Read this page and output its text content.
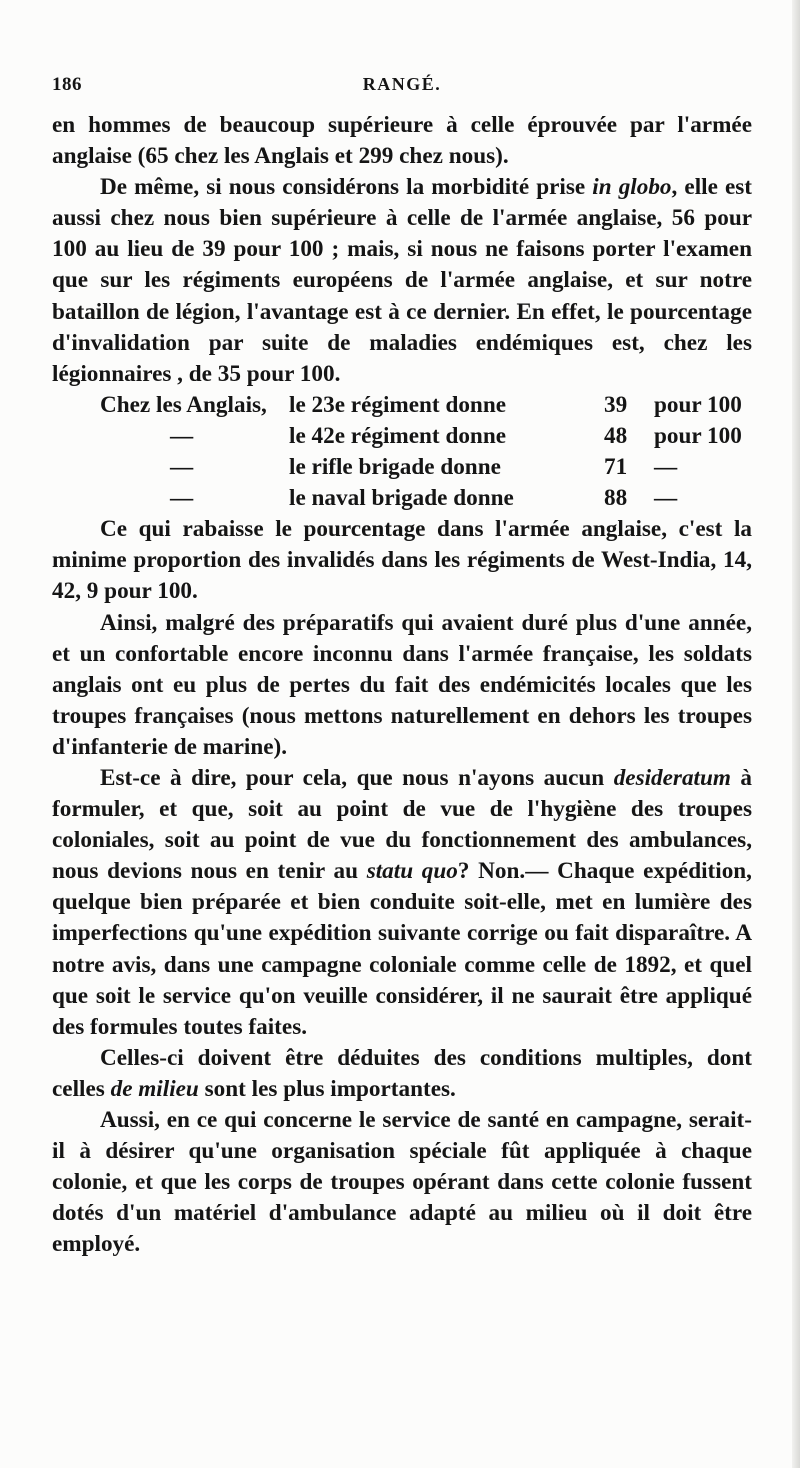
186	RANGÉ.

en hommes de beaucoup supérieure à celle éprouvée par l'armée anglaise (65 chez les Anglais et 299 chez nous).

De même, si nous considérons la morbidité prise in globo, elle est aussi chez nous bien supérieure à celle de l'armée anglaise, 56 pour 100 au lieu de 39 pour 100 ; mais, si nous ne faisons porter l'examen que sur les régiments européens de l'armée anglaise, et sur notre bataillon de légion, l'avantage est à ce dernier. En effet, le pourcentage d'invalidation par suite de maladies endémiques est, chez les légionnaires , de 35 pour 100.

Chez les Anglais, le 23e régiment donne	39 pour 100
—	le 42e régiment donne	48 pour 100
—	le rifle brigade donne	71 —
—	le naval brigade donne	88 —

Ce qui rabaisse le pourcentage dans l'armée anglaise, c'est la minime proportion des invalidés dans les régiments de West-India, 14, 42, 9 pour 100.

Ainsi, malgré des préparatifs qui avaient duré plus d'une année, et un confortable encore inconnu dans l'armée française, les soldats anglais ont eu plus de pertes du fait des endémicités locales que les troupes françaises (nous mettons naturellement en dehors les troupes d'infanterie de marine).

Est-ce à dire, pour cela, que nous n'ayons aucun desideratum à formuler, et que, soit au point de vue de l'hygiène des troupes coloniales, soit au point de vue du fonctionnement des ambulances, nous devions nous en tenir au statu quo? Non.— Chaque expédition, quelque bien préparée et bien conduite soit-elle, met en lumière des imperfections qu'une expédition suivante corrige ou fait disparaître. A notre avis, dans une campagne coloniale comme celle de 1892, et quel que soit le service qu'on veuille considérer, il ne saurait être appliqué des formules toutes faites.

Celles-ci doivent être déduites des conditions multiples, dont celles de milieu sont les plus importantes.

Aussi, en ce qui concerne le service de santé en campagne, serait-il à désirer qu'une organisation spéciale fût appliquée à chaque colonie, et que les corps de troupes opérant dans cette colonie fussent dotés d'un matériel d'ambulance adapté au milieu où il doit être employé.
